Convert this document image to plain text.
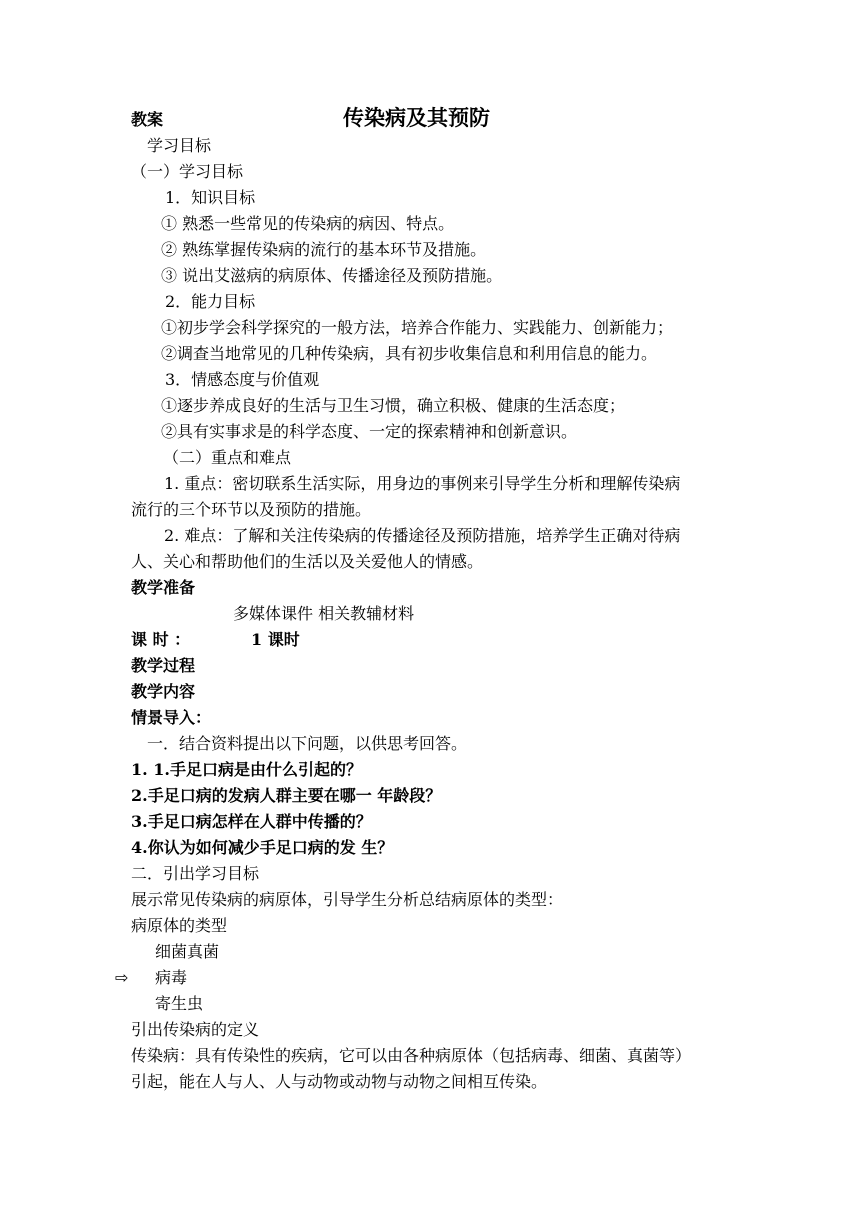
教案	传染病及其预防
学习目标
（一）学习目标
1．知识目标
① 熟悉一些常见的传染病的病因、特点。
② 熟练掌握传染病的流行的基本环节及措施。
③ 说出艾滋病的病原体、传播途径及预防措施。
2．能力目标
①初步学会科学探究的一般方法，培养合作能力、实践能力、创新能力；
②调查当地常见的几种传染病，具有初步收集信息和利用信息的能力。
3．情感态度与价值观
①逐步养成良好的生活与卫生习惯，确立积极、健康的生活态度；
②具有实事求是的科学态度、一定的探索精神和创新意识。
（二）重点和难点
1. 重点：密切联系生活实际，用身边的事例来引导学生分析和理解传染病
流行的三个环节以及预防的措施。
2. 难点：了解和关注传染病的传播途径及预防措施，培养学生正确对待病
人、关心和帮助他们的生活以及关爱他人的情感。
教学准备
多媒体课件 相关教辅材料
课 时 ：	1 课时
教学过程
教学内容
情景导入：
一．结合资料提出以下问题，以供思考回答。
1. 1.手足口病是由什么引起的？
2.手足口病的发病人群主要在哪一 年龄段？
3.手足口病怎样在人群中传播的？
4.你认为如何减少手足口病的发 生？
二．引出学习目标
展示常见传染病的病原体，引导学生分析总结病原体的类型：
病原体的类型
细菌真菌
⇨ 病毒
寄生虫
引出传染病的定义
传染病：具有传染性的疾病，它可以由各种病原体（包括病毒、细菌、真菌等）
引起，能在人与人、人与动物或动物与动物之间相互传染。
